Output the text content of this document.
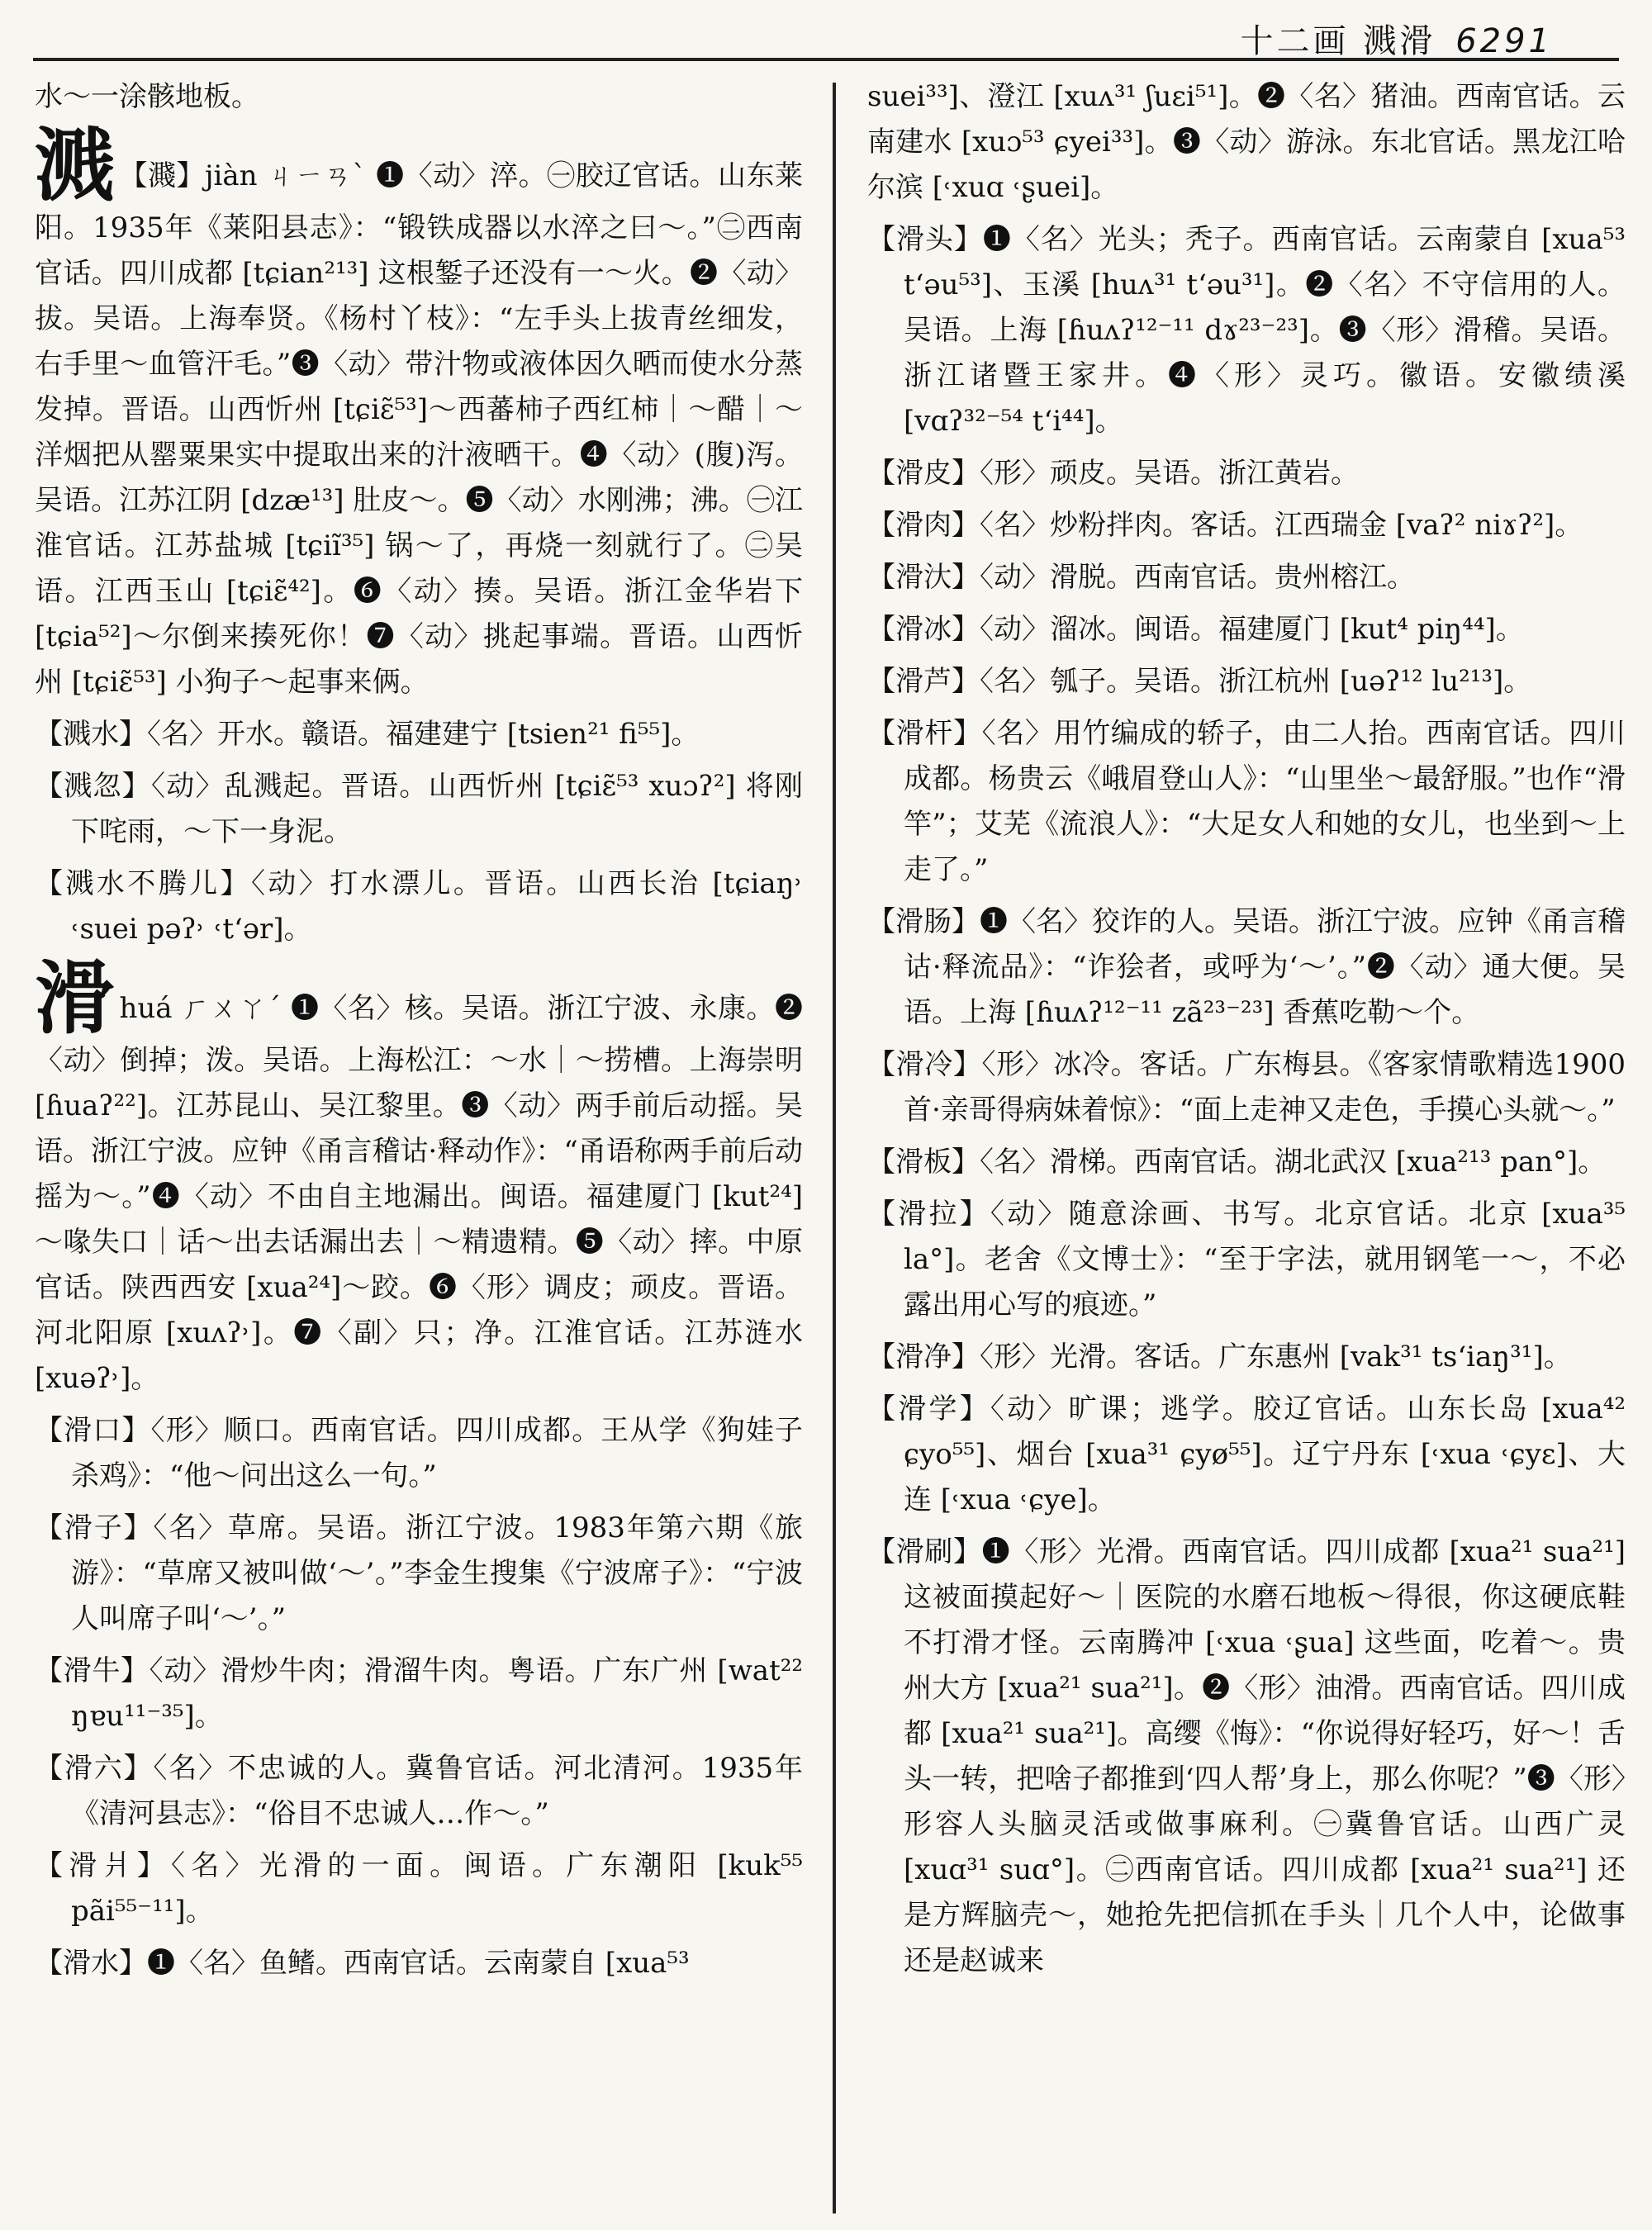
十二画 溅滑 6291
水～一涂骸地板。
溅 【濺】jiàn ㄐㄧㄢˋ ❶〈动〉淬。㊀胶辽官话。山东莱阳。1935年《莱阳县志》：“锻铁成器以水淬之曰～。”㊁西南官话。四川成都 [tɕian²¹³] 这根錾子还没有一～火。❷〈动〉拔。吴语。上海奉贤。《杨村丫枝》：“左手头上拔青丝细发，右手里～血管汗毛。”❸〈动〉带汁物或液体因久晒而使水分蒸发掉。晋语。山西忻州 [tɕiɛ̃⁵³]～西蕃柿子西红柿｜～醋｜～洋烟把从罂粟果实中提取出来的汁液晒干。❹〈动〉(腹)泻。吴语。江苏江阴 [dzæ¹³] 肚皮～。❺〈动〉水刚沸；沸。㊀江淮官话。江苏盐城 [tɕiĩ³⁵] 锅～了，再烧一刻就行了。㊁吴语。江西玉山 [tɕiɛ̃⁴²]。❻〈动〉揍。吴语。浙江金华岩下 [tɕia⁵²]～尔倒来揍死你！❼〈动〉挑起事端。晋语。山西忻州 [tɕiɛ̃⁵³] 小狗子～起事来俩。
【溅水】〈名〉开水。赣语。福建建宁 [tsien²¹ fi⁵⁵]。
【溅忽】〈动〉乱溅起。晋语。山西忻州 [tɕiɛ̃⁵³ xuɔʔ²] 将刚下咤雨，～下一身泥。
【溅水不腾儿】〈动〉打水漂儿。晋语。山西长治 [tɕiaŋ˒ ˓suei pəʔ˒ ˓tʻər]。
滑huá ㄏㄨㄚˊ ❶〈名〉核。吴语。浙江宁波、永康。❷〈动〉倒掉；泼。吴语。上海松江：～水｜～捞槽。上海崇明 [ɦuaʔ²²]。江苏昆山、吴江黎里。❸〈动〉两手前后动摇。吴语。浙江宁波。应钟《甬言稽诂·释动作》：“甬语称两手前后动摇为～。”❹〈动〉不由自主地漏出。闽语。福建厦门 [kut²⁴]～喙失口｜话～出去话漏出去｜～精遗精。❺〈动〉摔。中原官话。陕西西安 [xua²⁴]～跤。❻〈形〉调皮；顽皮。晋语。河北阳原 [xuʌʔ˒]。❼〈副〉只；净。江淮官话。江苏涟水 [xuəʔ˒]。
【滑口】〈形〉顺口。西南官话。四川成都。王从学《狗娃子杀鸡》：“他～问出这么一句。”
【滑子】〈名〉草席。吴语。浙江宁波。1983年第六期《旅游》：“草席又被叫做‘～’。”李金生搜集《宁波席子》：“宁波人叫席子叫‘～’。”
【滑牛】〈动〉滑炒牛肉；滑溜牛肉。粤语。广东广州 [wat²² ŋɐu¹¹⁻³⁵]。
【滑六】〈名〉不忠诚的人。冀鲁官话。河北清河。1935年《清河县志》：“俗目不忠诚人…作～。”
【滑爿】〈名〉光滑的一面。闽语。广东潮阳 [kuk⁵⁵ pãi⁵⁵⁻¹¹]。
【滑水】❶〈名〉鱼鳍。西南官话。云南蒙自 [xua⁵³
suei³³]、澄江 [xuʌ³¹ ʃuɛi⁵¹]。❷〈名〉猪油。西南官话。云南建水 [xuɔ⁵³ ɕyei³³]。❸〈动〉游泳。东北官话。黑龙江哈尔滨 [˓xuɑ ˓ʂuei]。
【滑头】❶〈名〉光头；秃子。西南官话。云南蒙自 [xua⁵³ tʻəu⁵³]、玉溪 [huʌ³¹ tʻəu³¹]。❷〈名〉不守信用的人。吴语。上海 [ɦuʌʔ¹²⁻¹¹ dɤ²³⁻²³]。❸〈形〉滑稽。吴语。浙江诸暨王家井。❹〈形〉灵巧。徽语。安徽绩溪 [vɑʔ³²⁻⁵⁴ tʻi⁴⁴]。
【滑皮】〈形〉顽皮。吴语。浙江黄岩。
【滑肉】〈名〉炒粉拌肉。客话。江西瑞金 [vaʔ² niɤʔ²]。
【滑汏】〈动〉滑脱。西南官话。贵州榕江。
【滑冰】〈动〉溜冰。闽语。福建厦门 [kut⁴ piŋ⁴⁴]。
【滑芦】〈名〉瓠子。吴语。浙江杭州 [uəʔ¹² lu²¹³]。
【滑杆】〈名〉用竹编成的轿子，由二人抬。西南官话。四川成都。杨贵云《峨眉登山人》：“山里坐～最舒服。”也作“滑竿”；艾芜《流浪人》：“大足女人和她的女儿，也坐到～上走了。”
【滑肠】❶〈名〉狡诈的人。吴语。浙江宁波。应钟《甬言稽诂·释流品》：“诈狯者，或呼为‘～’。”❷〈动〉通大便。吴语。上海 [ɦuʌʔ¹²⁻¹¹ zã²³⁻²³] 香蕉吃勒～个。
【滑冷】〈形〉冰冷。客话。广东梅县。《客家情歌精选1900首·亲哥得病妹着惊》：“面上走神又走色，手摸心头就～。”
【滑板】〈名〉滑梯。西南官话。湖北武汉 [xua²¹³ pan°]。
【滑拉】〈动〉随意涂画、书写。北京官话。北京 [xua³⁵ la°]。老舍《文博士》：“至于字法，就用钢笔一～，不必露出用心写的痕迹。”
【滑净】〈形〉光滑。客话。广东惠州 [vak³¹ tsʻiaŋ³¹]。
【滑学】〈动〉旷课；逃学。胶辽官话。山东长岛 [xua⁴² ɕyo⁵⁵]、烟台 [xua³¹ ɕyø⁵⁵]。辽宁丹东 [˓xua ˓ɕyɛ]、大连 [˓xua ˓ɕye]。
【滑刷】❶〈形〉光滑。西南官话。四川成都 [xua²¹ sua²¹] 这被面摸起好～｜医院的水磨石地板～得很，你这硬底鞋不打滑才怪。云南腾冲 [˓xua ˓ʂua] 这些面，吃着～。贵州大方 [xua²¹ sua²¹]。❷〈形〉油滑。西南官话。四川成都 [xua²¹ sua²¹]。高缨《悔》：“你说得好轻巧，好～！舌头一转，把啥子都推到‘四人帮’身上，那么你呢？”❸〈形〉形容人头脑灵活或做事麻利。㊀冀鲁官话。山西广灵 [xuɑ³¹ suɑ°]。㊁西南官话。四川成都 [xua²¹ sua²¹] 还是方辉脑壳～，她抢先把信抓在手头｜几个人中，论做事还是赵诚来
